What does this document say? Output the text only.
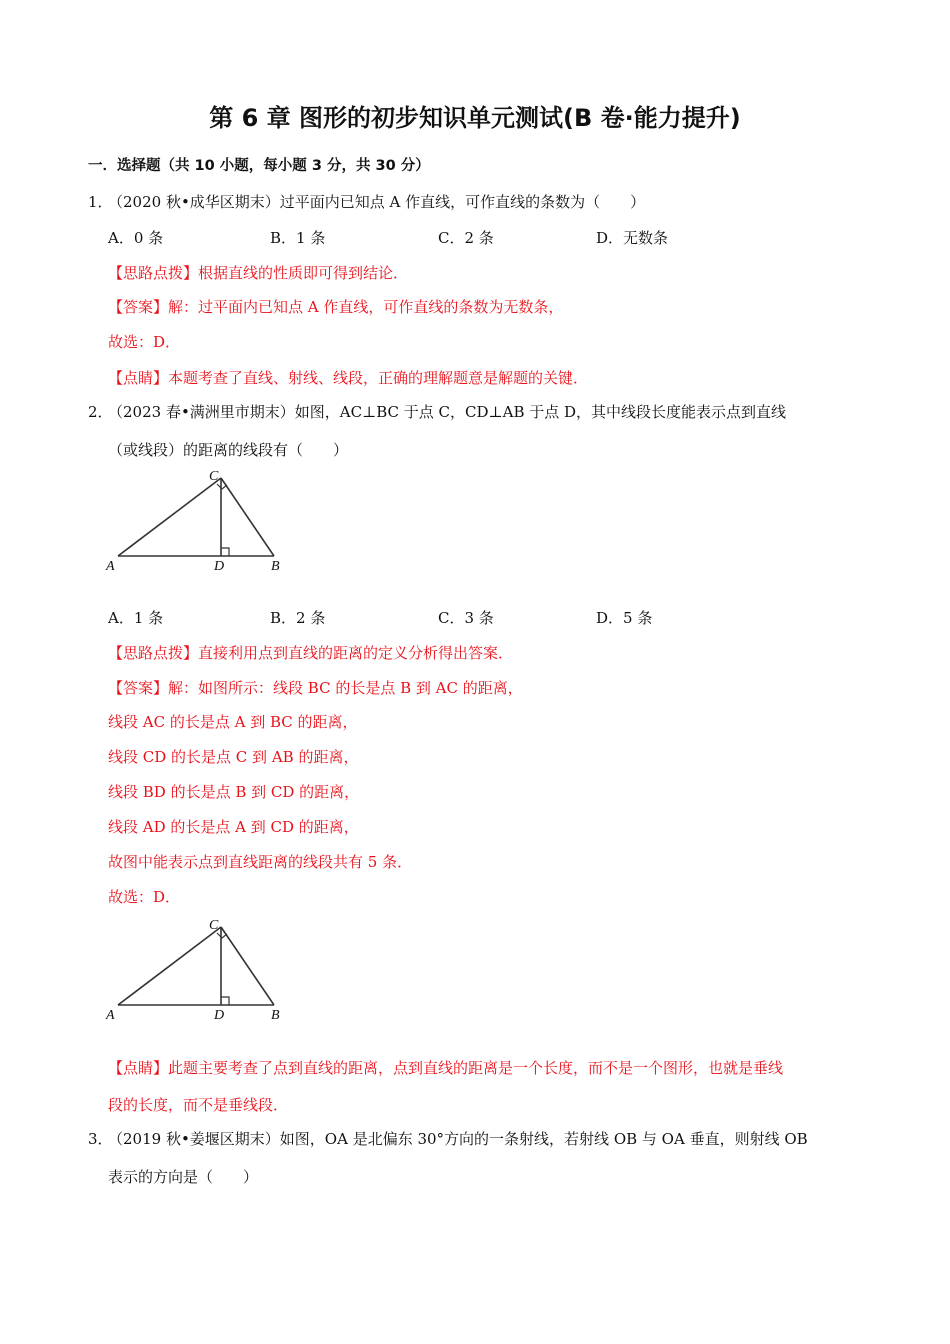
第 6 章 图形的初步知识单元测试(B 卷·能力提升)
一．选择题（共 10 小题，每小题 3 分，共 30 分）
1．
（2020 秋•成华区期末）过平面内已知点 A 作直线，可作直线的条数为（　　）
A．0 条	B．1 条	C．2 条	D．无数条
【思路点拨】根据直线的性质即可得到结论．
【答案】解：过平面内已知点 A 作直线，可作直线的条数为无数条，
故选：D．
【点睛】本题考查了直线、射线、线段，正确的理解题意是解题的关键．
2．
（2023 春•满洲里市期末）如图，AC⊥BC 于点 C，CD⊥AB 于点 D，其中线段长度能表示点到直线
（或线段）的距离的线段有（　　）
A	D	B
C
A．1 条	B．2 条	C．3 条	D．5 条
【思路点拨】直接利用点到直线的距离的定义分析得出答案．
【答案】解：如图所示：线段 BC 的长是点 B 到 AC 的距离，
线段 AC 的长是点 A 到 BC 的距离，
线段 CD 的长是点 C 到 AB 的距离，
线段 BD 的长是点 B 到 CD 的距离，
线段 AD 的长是点 A 到 CD 的距离，
故图中能表示点到直线距离的线段共有 5 条．
故选：D．
A	D	B
C
【点睛】此题主要考查了点到直线的距离，点到直线的距离是一个长度，而不是一个图形，也就是垂线
段的长度，而不是垂线段．
3．
（2019 秋•姜堰区期末）如图，OA 是北偏东 30°方向的一条射线，若射线 OB 与 OA 垂直，则射线 OB
表示的方向是（　　）
